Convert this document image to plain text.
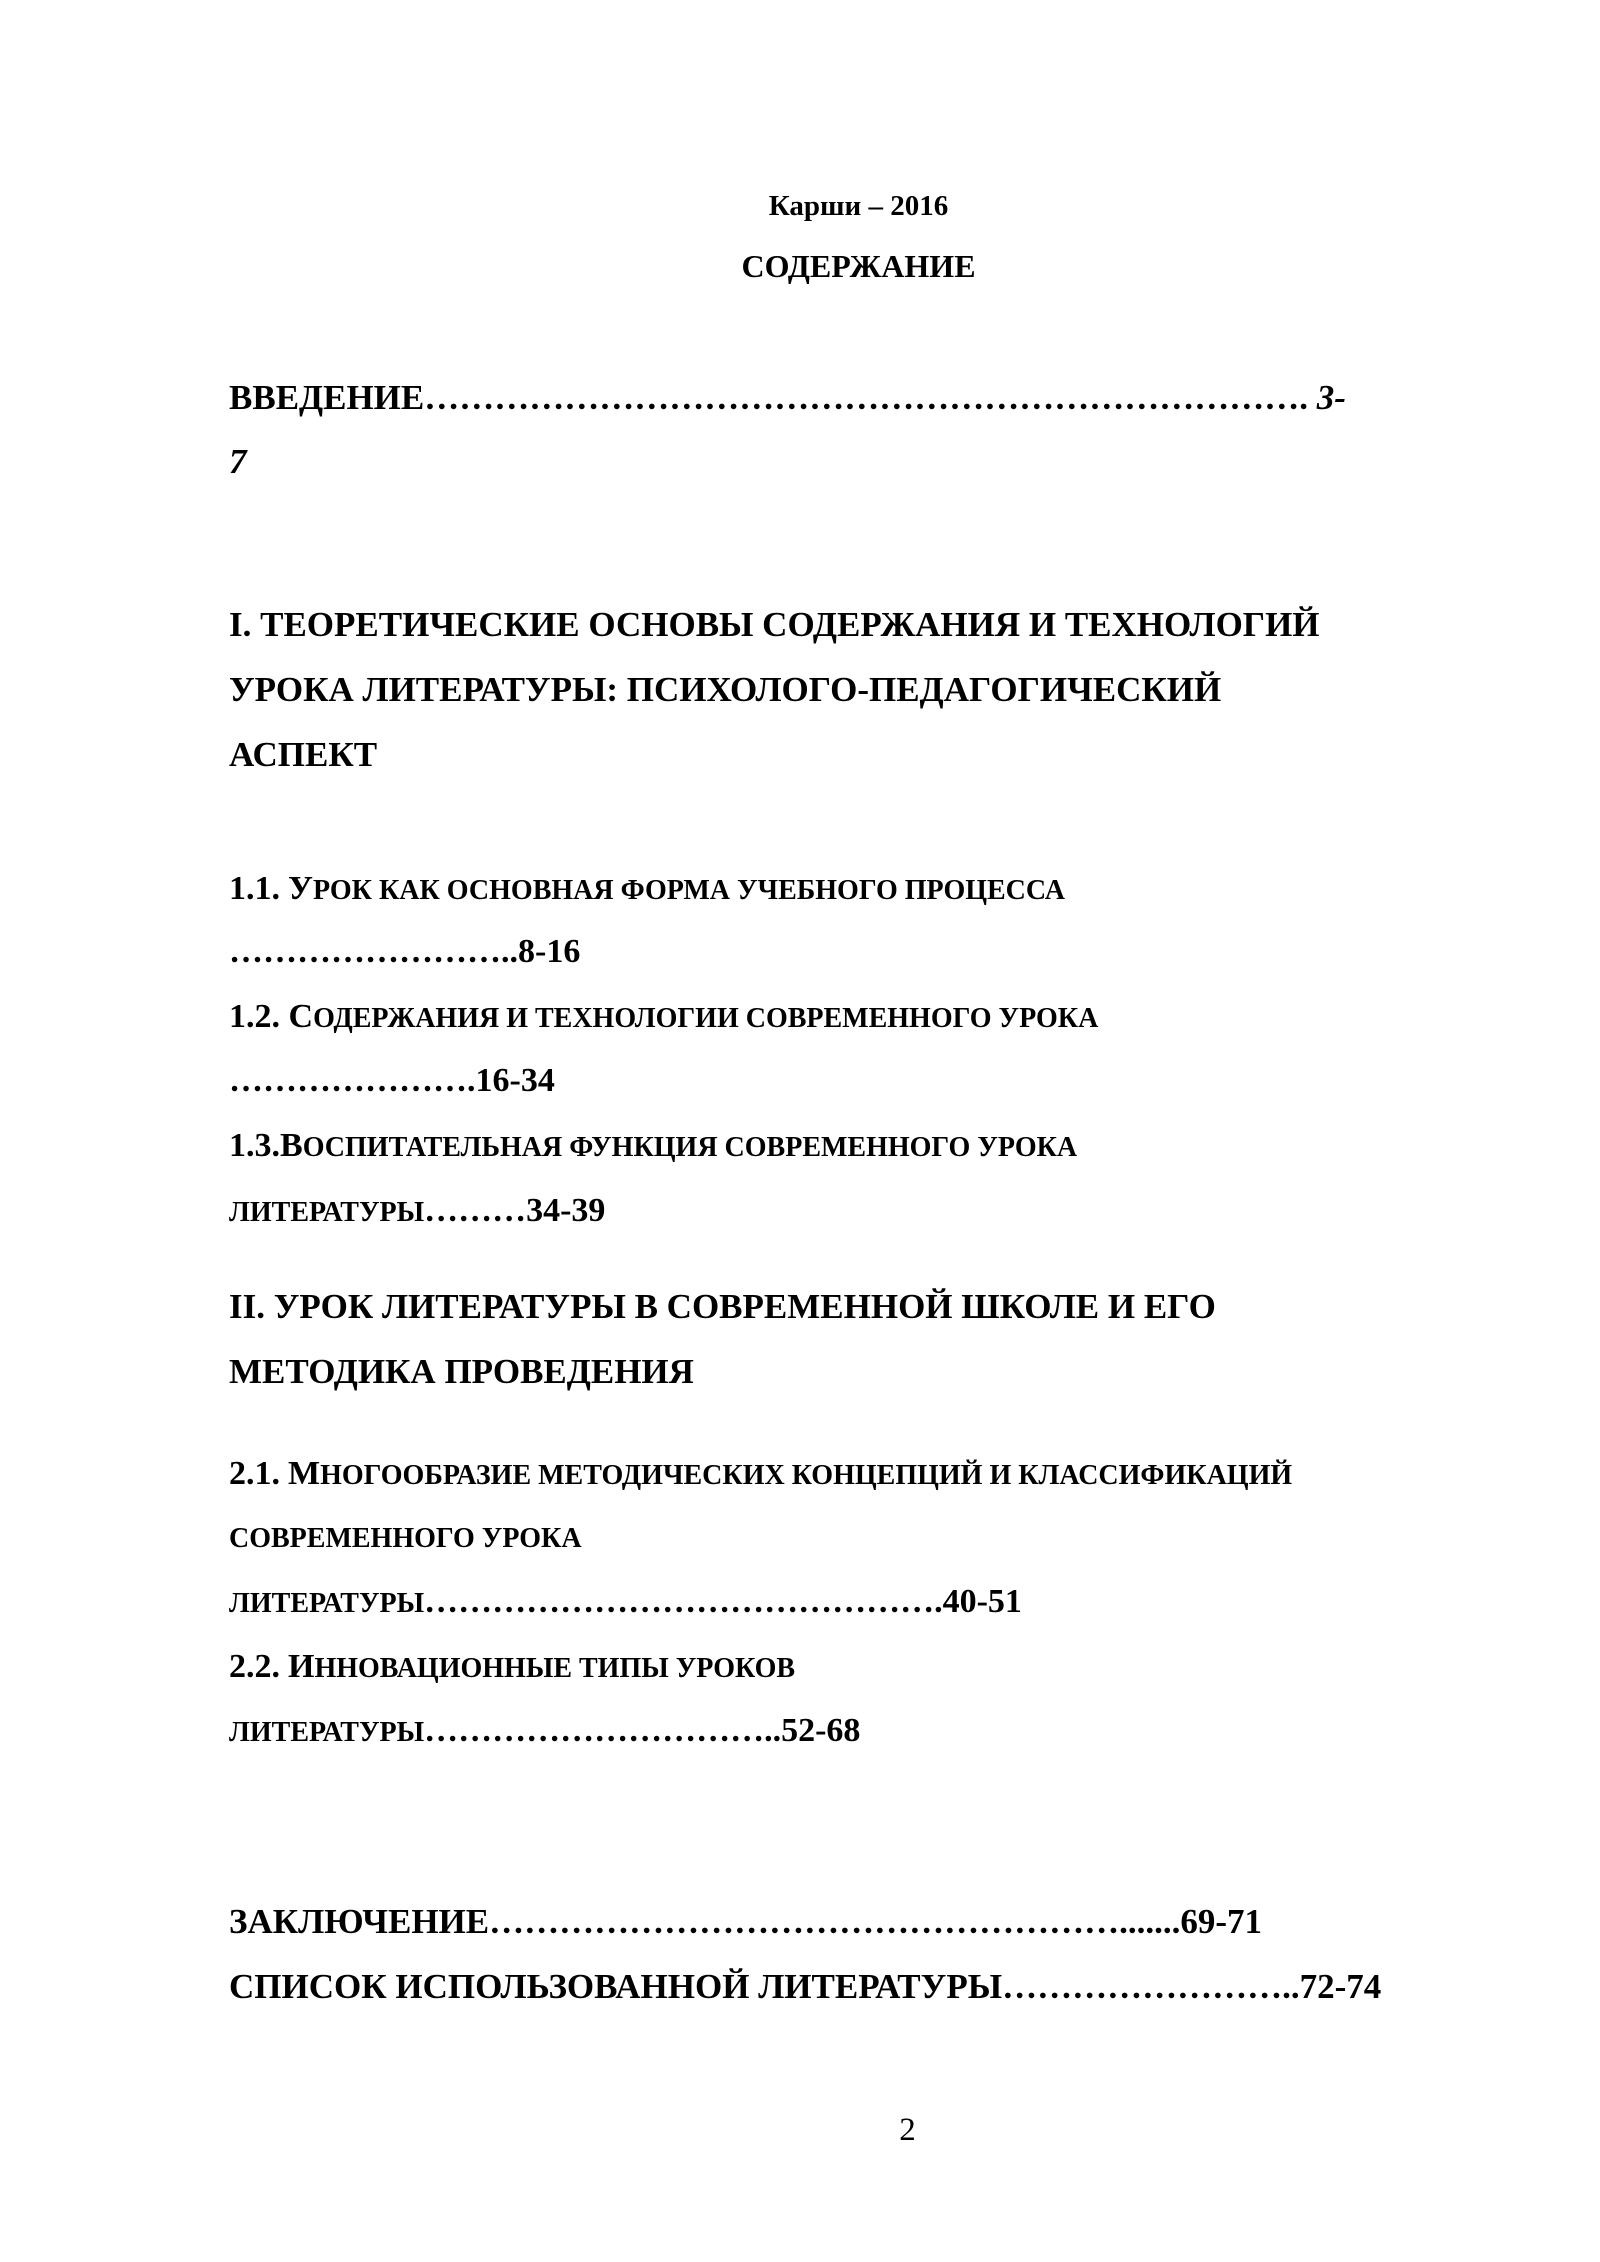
Карши – 2016
СОДЕРЖАНИЕ
ВВЕДЕНИЕ…………………………………………………………………. 3-
7
I. ТЕОРЕТИЧЕСКИЕ ОСНОВЫ СОДЕРЖАНИЯ И ТЕХНОЛОГИЙ
УРОКА ЛИТЕРАТУРЫ: ПСИХОЛОГО-ПЕДАГОГИЧЕСКИЙ
АСПЕКТ
1.1. УРОК КАК ОСНОВНАЯ ФОРМА УЧЕБНОГО ПРОЦЕССА
……………………..8-16
1.2. СОДЕРЖАНИЯ И ТЕХНОЛОГИИ СОВРЕМЕННОГО УРОКА
………………….16-34
1.3.ВОСПИТАТЕЛЬНАЯ ФУНКЦИЯ СОВРЕМЕННОГО УРОКА
ЛИТЕРАТУРЫ………34-39
II. УРОК ЛИТЕРАТУРЫ В СОВРЕМЕННОЙ ШКОЛЕ И ЕГО
МЕТОДИКА ПРОВЕДЕНИЯ
2.1. МНОГООБРАЗИЕ МЕТОДИЧЕСКИХ КОНЦЕПЦИЙ И КЛАССИФИКАЦИЙ
СОВРЕМЕННОГО УРОКА
ЛИТЕРАТУРЫ……………………………………….40-51
2.2. ИННОВАЦИОННЫЕ ТИПЫ УРОКОВ
ЛИТЕРАТУРЫ…………………………..52-68
ЗАКЛЮЧЕНИЕ……………………………………………….......69-71
СПИСОК ИСПОЛЬЗОВАННОЙ ЛИТЕРАТУРЫ……………………..72-74
2
